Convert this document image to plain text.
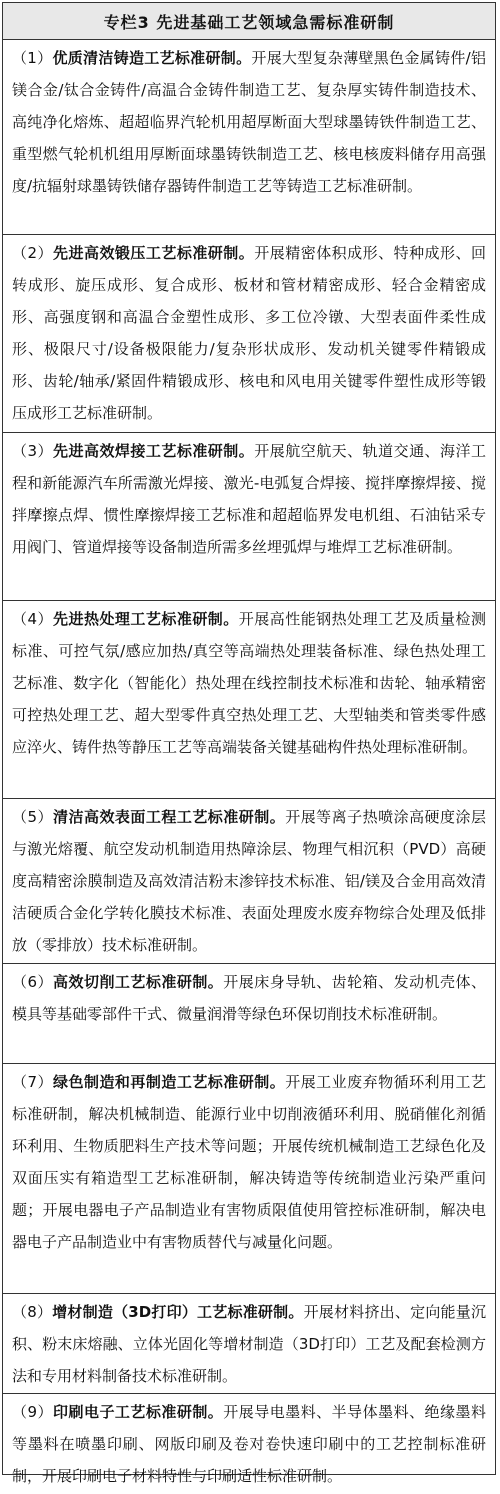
专栏3 先进基础工艺领域急需标准研制
（1）优质清洁铸造工艺标准研制。开展大型复杂薄壁黑色金属铸件/铝镁合金/钛合金铸件/高温合金铸件制造工艺、复杂厚实铸件制造技术、高纯净化熔炼、超超临界汽轮机用超厚断面大型球墨铸铁件制造工艺、重型燃气轮机机组用厚断面球墨铸铁制造工艺、核电核废料储存用高强度/抗辐射球墨铸铁储存器铸件制造工艺等铸造工艺标准研制。
（2）先进高效锻压工艺标准研制。开展精密体积成形、特种成形、回转成形、旋压成形、复合成形、板材和管材精密成形、轻合金精密成形、高强度钢和高温合金塑性成形、多工位冷镦、大型表面件柔性成形、极限尺寸/设备极限能力/复杂形状成形、发动机关键零件精锻成形、齿轮/轴承/紧固件精锻成形、核电和风电用关键零件塑性成形等锻压成形工艺标准研制。
（3）先进高效焊接工艺标准研制。开展航空航天、轨道交通、海洋工程和新能源汽车所需激光焊接、激光-电弧复合焊接、搅拌摩擦焊接、搅拌摩擦点焊、惯性摩擦焊接工艺标准和超超临界发电机组、石油钻采专用阀门、管道焊接等设备制造所需多丝埋弧焊与堆焊工艺标准研制。
（4）先进热处理工艺标准研制。开展高性能钢热处理工艺及质量检测标准、可控气氛/感应加热/真空等高端热处理装备标准、绿色热处理工艺标准、数字化（智能化）热处理在线控制技术标准和齿轮、轴承精密可控热处理工艺、超大型零件真空热处理工艺、大型轴类和管类零件感应淬火、铸件热等静压工艺等高端装备关键基础构件热处理标准研制。
（5）清洁高效表面工程工艺标准研制。开展等离子热喷涂高硬度涂层与激光熔覆、航空发动机制造用热障涂层、物理气相沉积（PVD）高硬度高精密涂膜制造及高效清洁粉末渗锌技术标准、铝/镁及合金用高效清洁硬质合金化学转化膜技术标准、表面处理废水废弃物综合处理及低排放（零排放）技术标准研制。
（6）高效切削工艺标准研制。开展床身导轨、齿轮箱、发动机壳体、模具等基础零部件干式、微量润滑等绿色环保切削技术标准研制。
（7）绿色制造和再制造工艺标准研制。开展工业废弃物循环利用工艺标准研制，解决机械制造、能源行业中切削液循环利用、脱硝催化剂循环利用、生物质肥料生产技术等问题；开展传统机械制造工艺绿色化及双面压实有箱造型工艺标准研制，解决铸造等传统制造业污染严重问题；开展电器电子产品制造业有害物质限值使用管控标准研制，解决电器电子产品制造业中有害物质替代与减量化问题。
（8）增材制造（3D打印）工艺标准研制。开展材料挤出、定向能量沉积、粉末床熔融、立体光固化等增材制造（3D打印）工艺及配套检测方法和专用材料制备技术标准研制。
（9）印刷电子工艺标准研制。开展导电墨料、半导体墨料、绝缘墨料等墨料在喷墨印刷、网版印刷及卷对卷快速印刷中的工艺控制标准研制，开展印刷电子材料特性与印刷适性标准研制。
